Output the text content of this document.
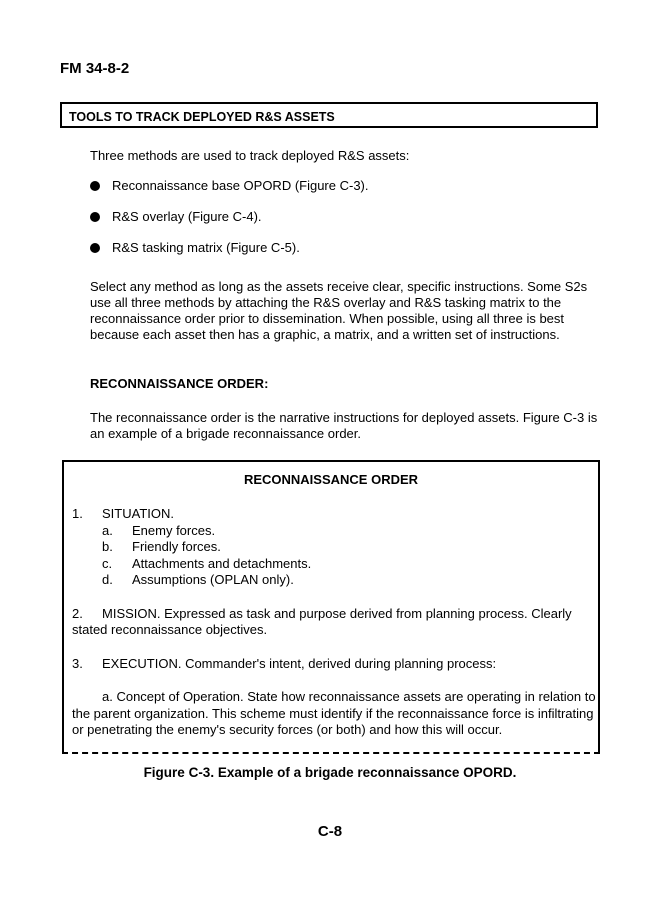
FM 34-8-2
TOOLS TO TRACK DEPLOYED R&S ASSETS
Three methods are used to track deployed R&S assets:
Reconnaissance base OPORD (Figure C-3).
R&S overlay (Figure C-4).
R&S tasking matrix (Figure C-5).
Select any method as long as the assets receive clear, specific instructions. Some S2s use all three methods by attaching the R&S overlay and R&S tasking matrix to the reconnaissance order prior to dissemination. When possible, using all three is best because each asset then has a graphic, a matrix, and a written set of instructions.
RECONNAISSANCE ORDER:
The reconnaissance order is the narrative instructions for deployed assets. Figure C-3 is an example of a brigade reconnaissance order.
RECONNAISSANCE ORDER
1. SITUATION.
a. Enemy forces.
b. Friendly forces.
c. Attachments and detachments.
d. Assumptions (OPLAN only).
2. MISSION. Expressed as task and purpose derived from planning process. Clearly stated reconnaissance objectives.
3. EXECUTION. Commander's intent, derived during planning process:
a. Concept of Operation. State how reconnaissance assets are operating in relation to the parent organization. This scheme must identify if the reconnaissance force is infiltrating or penetrating the enemy's security forces (or both) and how this will occur.
Figure C-3. Example of a brigade reconnaissance OPORD.
C-8
